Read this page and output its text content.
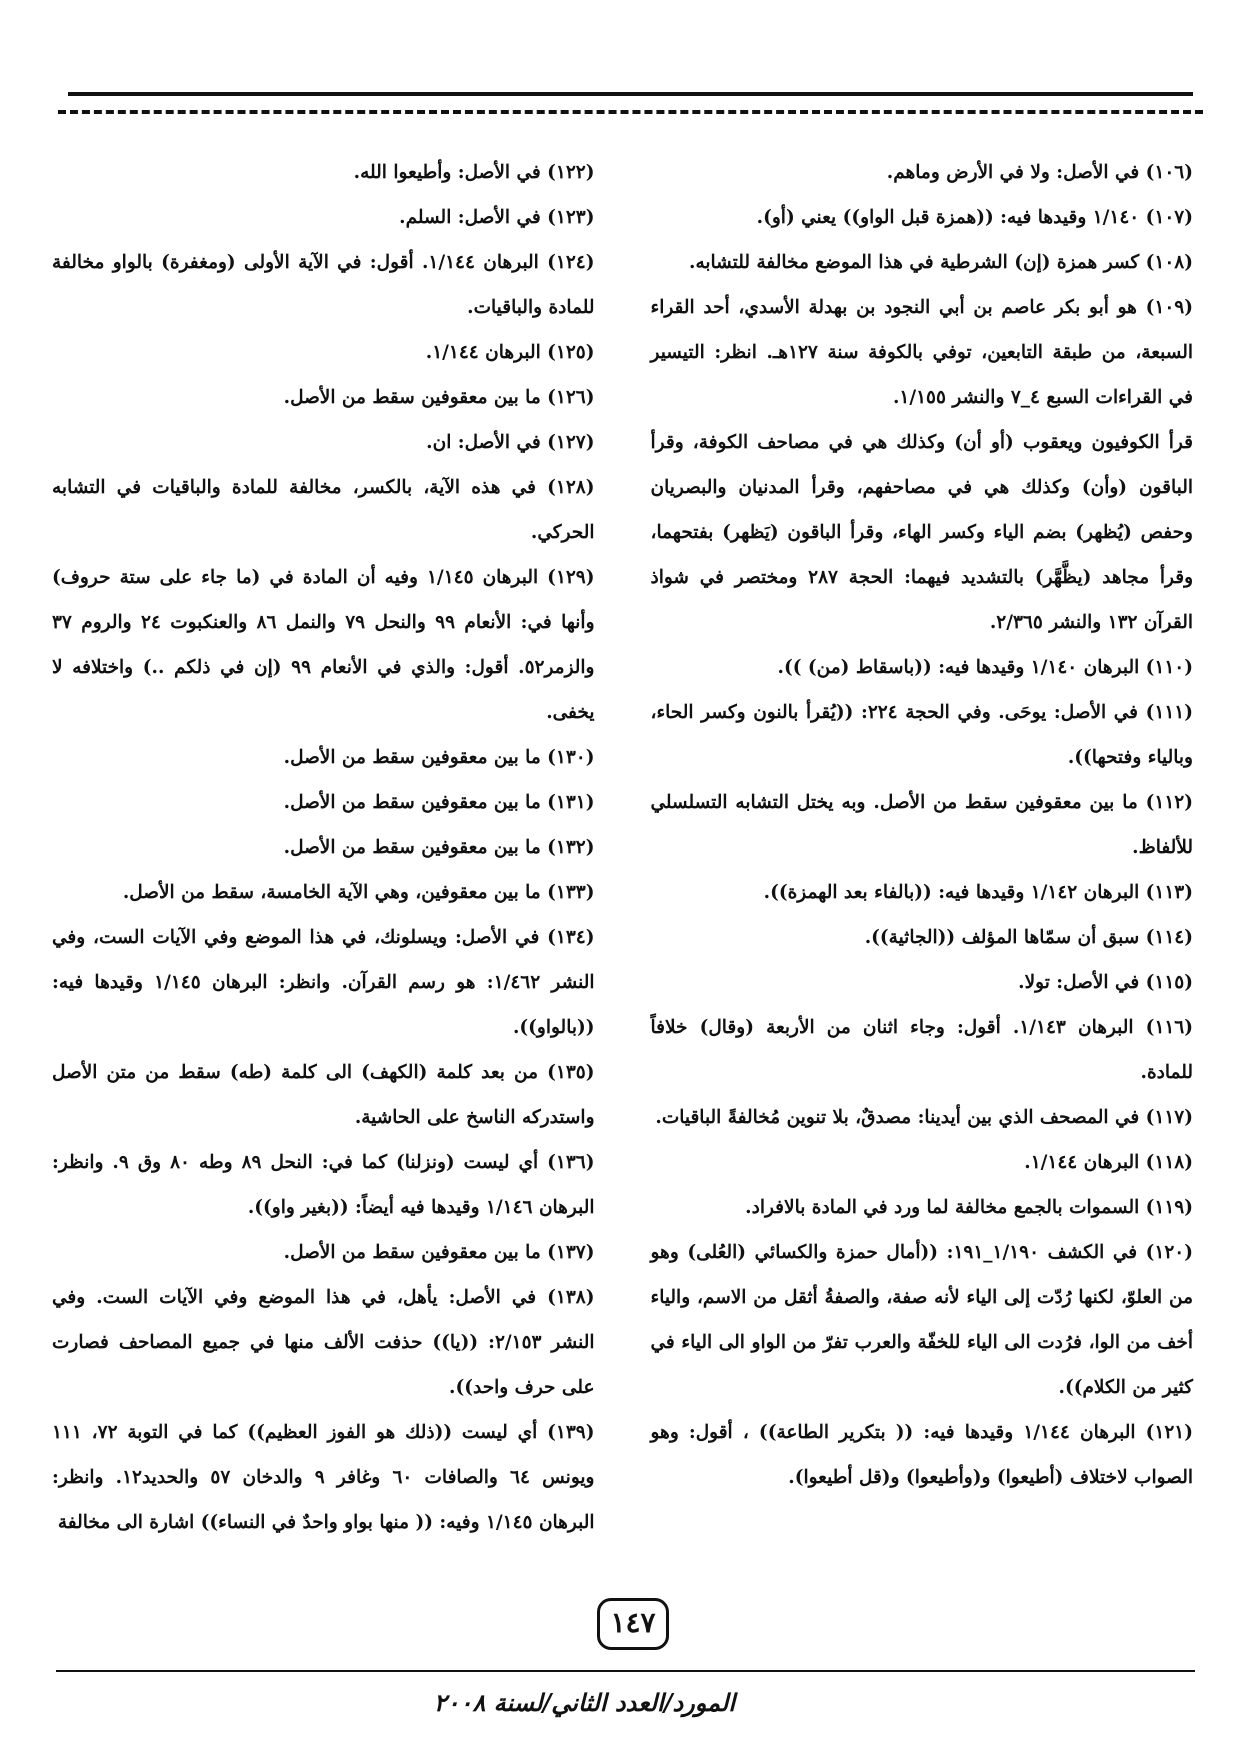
(١٠٦) في الأصل: ولا في الأرض وماهم.

(١٠٧) ١/١٤٠ وقيدها فيه: ((همزة قبل الواو)) يعني (أو).

(١٠٨) كسر همزة (إن) الشرطية في هذا الموضع مخالفة للتشابه.

(١٠٩) هو أبو بكر عاصم بن أبي النجود بن بهدلة الأسدي، أحد القراء السبعة، من طبقة التابعين، توفي بالكوفة سنة ١٢٧هـ. انظر: التيسير في القراءات السبع ٤_٧ والنشر ١/١٥٥.

قرأ الكوفيون ويعقوب (أو أن) وكذلك هي في مصاحف الكوفة، وقرأ الباقون (وأن) وكذلك هي في مصاحفهم، وقرأ المدنيان والبصريان وحفص (يُظهر) بضم الياء وكسر الهاء، وقرأ الباقون (يَظهر) بفتحهما، وقرأ مجاهد (يظَّهَّر) بالتشديد فيهما: الحجة ٢٨٧ ومختصر في شواذ القرآن ١٣٢ والنشر ٢/٣٦٥.

(١١٠) البرهان ١/١٤٠ وقيدها فيه: ((باسقاط (من) )).

(١١١) في الأصل: يوحَى. وفي الحجة ٢٢٤: ((يُقرأ بالنون وكسر الحاء، وبالياء وفتحها)).

(١١٢) ما بين معقوفين سقط من الأصل. وبه يختل التشابه التسلسلي للألفاظ.

(١١٣) البرهان ١/١٤٢ وقيدها فيه: ((بالفاء بعد الهمزة)).

(١١٤) سبق أن سمّاها المؤلف ((الجاثية)).

(١١٥) في الأصل: تولا.

(١١٦) البرهان ١/١٤٣. أقول: وجاء اثنان من الأربعة (وقال) خلافاً للمادة.

(١١٧) في المصحف الذي بين أيدينا: مصدقٌ، بلا تنوين مُخالفةً الباقيات.

(١١٨) البرهان ١/١٤٤.

(١١٩) السموات بالجمع مخالفة لما ورد في المادة بالافراد.

(١٢٠) في الكشف ١/١٩٠_١٩١: ((أمال حمزة والكسائي (العُلى) وهو من العلوّ، لكنها رُدّت إلى الياء لأنه صفة، والصفةُ أثقل من الاسم، والياء أخف من الوا، فرُدت الى الياء للخفّة والعرب تفرّ من الواو الى الياء في كثير من الكلام)).

(١٢١) البرهان ١/١٤٤ وقيدها فيه: (( بتكرير الطاعة)) ، أقول: وهو الصواب لاختلاف (أطيعوا) و(وأطيعوا) و(قل أطيعوا).

(١٢٢) في الأصل: وأطيعوا الله.

(١٢٣) في الأصل: السلم.

(١٢٤) البرهان ١/١٤٤. أقول: في الآية الأولى (ومغفرة) بالواو مخالفة للمادة والباقيات.

(١٢٥) البرهان ١/١٤٤.

(١٢٦) ما بين معقوفين سقط من الأصل.

(١٢٧) في الأصل: ان.

(١٢٨) في هذه الآية، بالكسر، مخالفة للمادة والباقيات في التشابه الحركي.

(١٢٩) البرهان ١/١٤٥ وفيه أن المادة في (ما جاء على ستة حروف) وأنها في: الأنعام ٩٩ والنحل ٧٩ والنمل ٨٦ والعنكبوت ٢٤ والروم ٣٧ والزمر٥٢. أقول: والذي في الأنعام ٩٩ (إن في ذلكم ..) واختلافه لا يخفى.

(١٣٠) ما بين معقوفين سقط من الأصل.

(١٣١) ما بين معقوفين سقط من الأصل.

(١٣٢) ما بين معقوفين سقط من الأصل.

(١٣٣) ما بين معقوفين، وهي الآية الخامسة، سقط من الأصل.

(١٣٤) في الأصل: ويسلونك، في هذا الموضع وفي الآيات الست، وفي النشر ١/٤٦٢: هو رسم القرآن. وانظر: البرهان ١/١٤٥ وقيدها فيه: ((بالواو)).

(١٣٥) من بعد كلمة (الكهف) الى كلمة (طه) سقط من متن الأصل واستدركه الناسخ على الحاشية.

(١٣٦) أي ليست (ونزلنا) كما في: النحل ٨٩ وطه ٨٠ وق ٩. وانظر: البرهان ١/١٤٦ وقيدها فيه أيضاً: ((بغير واو)).

(١٣٧) ما بين معقوفين سقط من الأصل.

(١٣٨) في الأصل: يأهل، في هذا الموضع وفي الآيات الست. وفي النشر ٢/١٥٣: ((يا)) حذفت الألف منها في جميع المصاحف فصارت على حرف واحد)).

(١٣٩) أي ليست ((ذلك هو الفوز العظيم)) كما في التوبة ٧٢، ١١١ ويونس ٦٤ والصافات ٦٠ وغافر ٩ والدخان ٥٧ والحديد١٢. وانظر: البرهان ١/١٤٥ وفيه: (( منها بواو واحدٌ في النساء)) اشارة الى مخالفة

١٤٧
المورد/العدد الثاني/لسنة ٢٠٠٨
